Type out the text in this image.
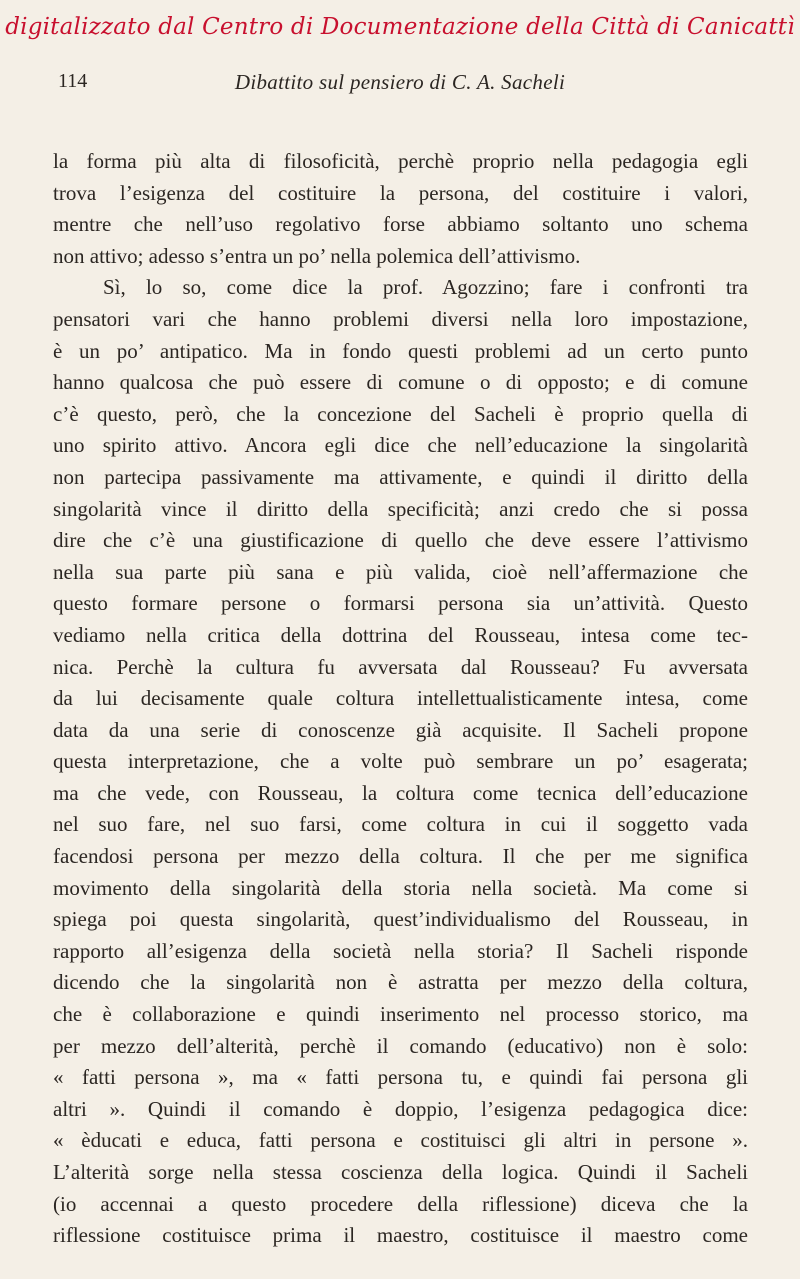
digitalizzato dal Centro di Documentazione della Città di Canicattì
114	Dibattito sul pensiero di C. A. Sacheli
la forma più alta di filosoficità, perchè proprio nella pedagogia egli
trova l’esigenza del costituire la persona, del costituire i valori,
mentre che nell’uso regolativo forse abbiamo soltanto uno schema
non attivo; adesso s’entra un po’ nella polemica dell’attivismo.
Sì, lo so, come dice la prof. Agozzino; fare i confronti tra
pensatori vari che hanno problemi diversi nella loro impostazione,
è un po’ antipatico. Ma in fondo questi problemi ad un certo punto
hanno qualcosa che può essere di comune o di opposto; e di comune
c’è questo, però, che la concezione del Sacheli è proprio quella di
uno spirito attivo. Ancora egli dice che nell’educazione la singolarità
non partecipa passivamente ma attivamente, e quindi il diritto della
singolarità vince il diritto della specificità; anzi credo che si possa
dire che c’è una giustificazione di quello che deve essere l’attivismo
nella sua parte più sana e più valida, cioè nell’affermazione che
questo formare persone o formarsi persona sia un’attività. Questo
vediamo nella critica della dottrina del Rousseau, intesa come tec-
nica. Perchè la cultura fu avversata dal Rousseau? Fu avversata
da lui decisamente quale coltura intellettualisticamente intesa, come
data da una serie di conoscenze già acquisite. Il Sacheli propone
questa interpretazione, che a volte può sembrare un po’ esagerata;
ma che vede, con Rousseau, la coltura come tecnica dell’educazione
nel suo fare, nel suo farsi, come coltura in cui il soggetto vada
facendosi persona per mezzo della coltura. Il che per me significa
movimento della singolarità della storia nella società. Ma come si
spiega poi questa singolarità, quest’individualismo del Rousseau, in
rapporto all’esigenza della società nella storia? Il Sacheli risponde
dicendo che la singolarità non è astratta per mezzo della coltura,
che è collaborazione e quindi inserimento nel processo storico, ma
per mezzo dell’alterità, perchè il comando (educativo) non è solo:
« fatti persona », ma « fatti persona tu, e quindi fai persona gli
altri ». Quindi il comando è doppio, l’esigenza pedagogica dice:
« èducati e educa, fatti persona e costituisci gli altri in persone ».
L’alterità sorge nella stessa coscienza della logica. Quindi il Sacheli
(io accennai a questo procedere della riflessione) diceva che la
riflessione costituisce prima il maestro, costituisce il maestro come
